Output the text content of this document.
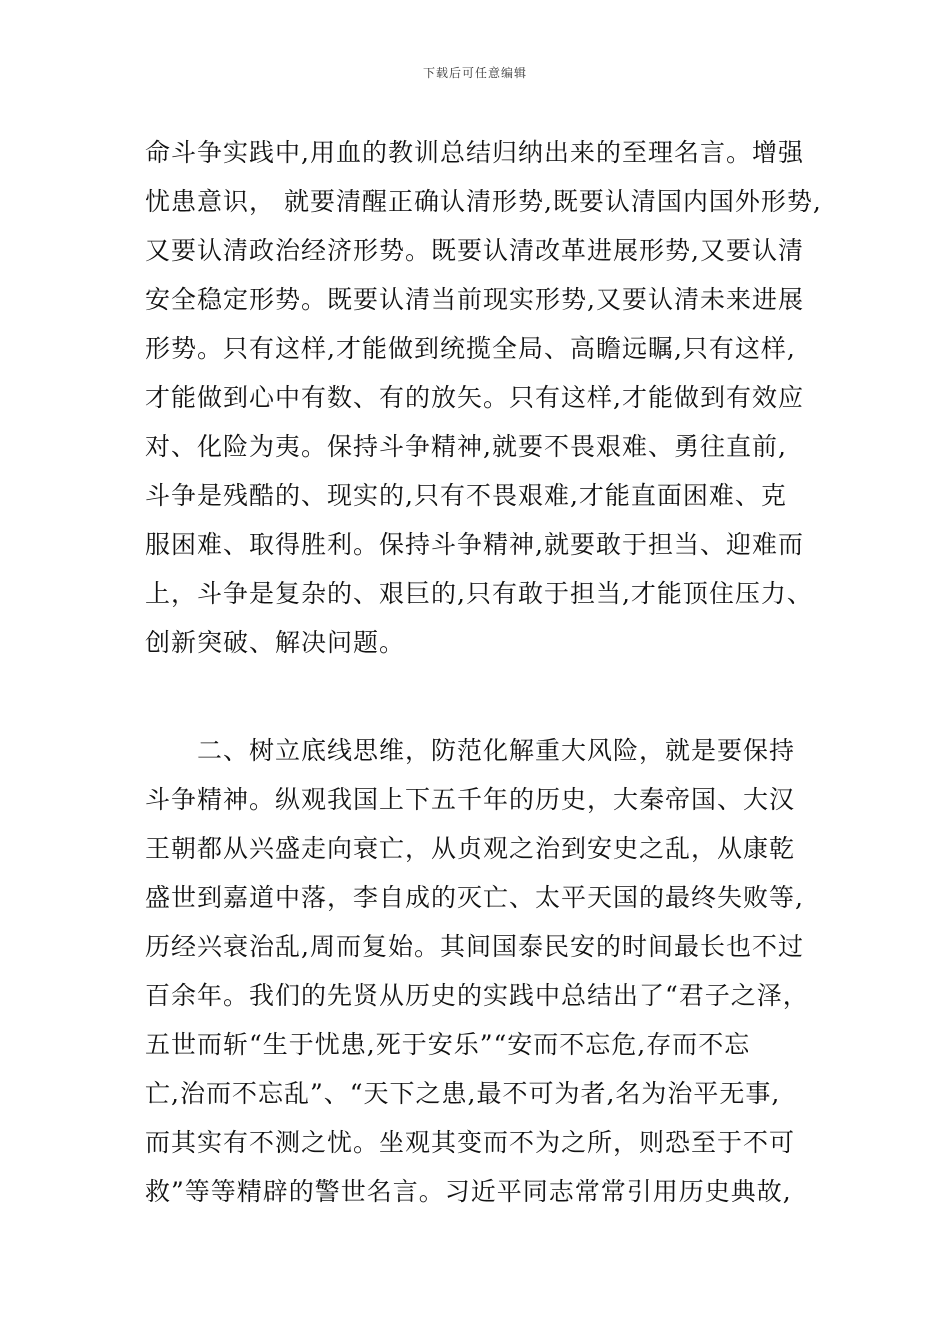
下载后可任意编辑
命斗争实践中,用血的教训总结归纳出来的至理名言。增强
忧患意识， 就要清醒正确认清形势,既要认清国内国外形势,
又要认清政治经济形势。既要认清改革进展形势,又要认清
安全稳定形势。既要认清当前现实形势,又要认清未来进展
形势。只有这样,才能做到统揽全局、高瞻远瞩,只有这样,
才能做到心中有数、有的放矢。只有这样,才能做到有效应
对、化险为夷。保持斗争精神,就要不畏艰难、勇往直前,
斗争是残酷的、现实的,只有不畏艰难,才能直面困难、克
服困难、取得胜利。保持斗争精神,就要敢于担当、迎难而
上，斗争是复杂的、艰巨的,只有敢于担当,才能顶住压力、
创新突破、解决问题。
　　二、树立底线思维，防范化解重大风险，就是要保持
斗争精神。纵观我国上下五千年的历史，大秦帝国、大汉
王朝都从兴盛走向衰亡，从贞观之治到安史之乱，从康乾
盛世到嘉道中落，李自成的灭亡、太平天国的最终失败等,
历经兴衰治乱,周而复始。其间国泰民安的时间最长也不过
百余年。我们的先贤从历史的实践中总结出了“君子之泽，
五世而斩“生于忧患,死于安乐”“安而不忘危,存而不忘
亡,治而不忘乱”、“天下之患,最不可为者,名为治平无事,
而其实有不测之忧。坐观其变而不为之所，则恐至于不可
救”等等精辟的警世名言。习近平同志常常引用历史典故,
